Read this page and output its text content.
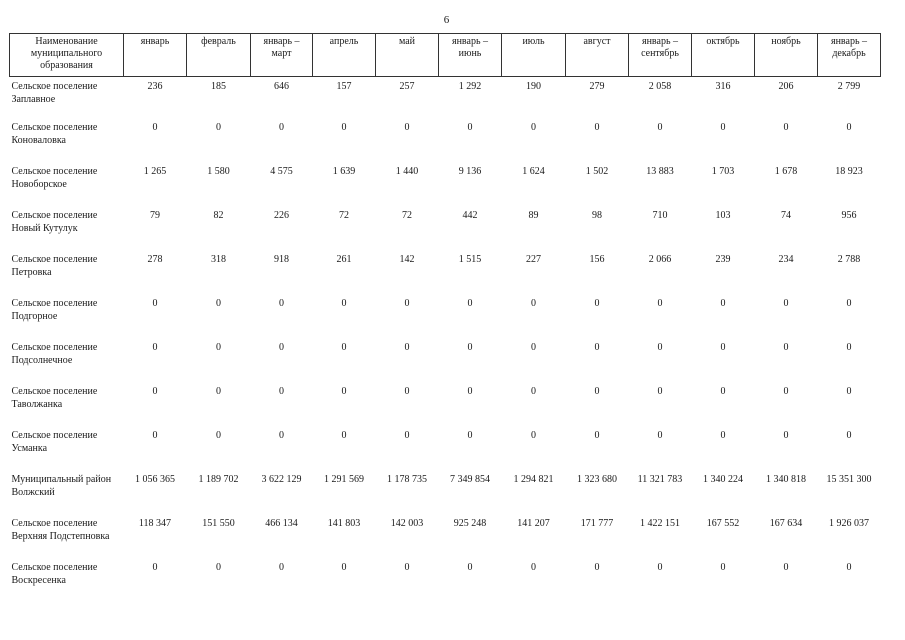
6
Наименование муниципального образования	январь	февраль	январь – март	апрель	май	январь – июнь	июль	август	январь – сентябрь	октябрь	ноябрь	январь – декабрь
Сельское поселение Заплавное	236	185	646	157	257	1 292	190	279	2 058	316	206	2 799
Сельское поселение Коноваловка	0	0	0	0	0	0	0	0	0	0	0	0
Сельское поселение Новоборское	1 265	1 580	4 575	1 639	1 440	9 136	1 624	1 502	13 883	1 703	1 678	18 923
Сельское поселение Новый Кутулук	79	82	226	72	72	442	89	98	710	103	74	956
Сельское поселение Петровка	278	318	918	261	142	1 515	227	156	2 066	239	234	2 788
Сельское поселение Подгорное	0	0	0	0	0	0	0	0	0	0	0	0
Сельское поселение Подсолнечное	0	0	0	0	0	0	0	0	0	0	0	0
Сельское поселение Таволжанка	0	0	0	0	0	0	0	0	0	0	0	0
Сельское поселение Усманка	0	0	0	0	0	0	0	0	0	0	0	0
Муниципальный район Волжский	1 056 365	1 189 702	3 622 129	1 291 569	1 178 735	7 349 854	1 294 821	1 323 680	11 321 783	1 340 224	1 340 818	15 351 300
Сельское поселение Верхняя Подстепновка	118 347	151 550	466 134	141 803	142 003	925 248	141 207	171 777	1 422 151	167 552	167 634	1 926 037
Сельское поселение Воскресенка	0	0	0	0	0	0	0	0	0	0	0	0
